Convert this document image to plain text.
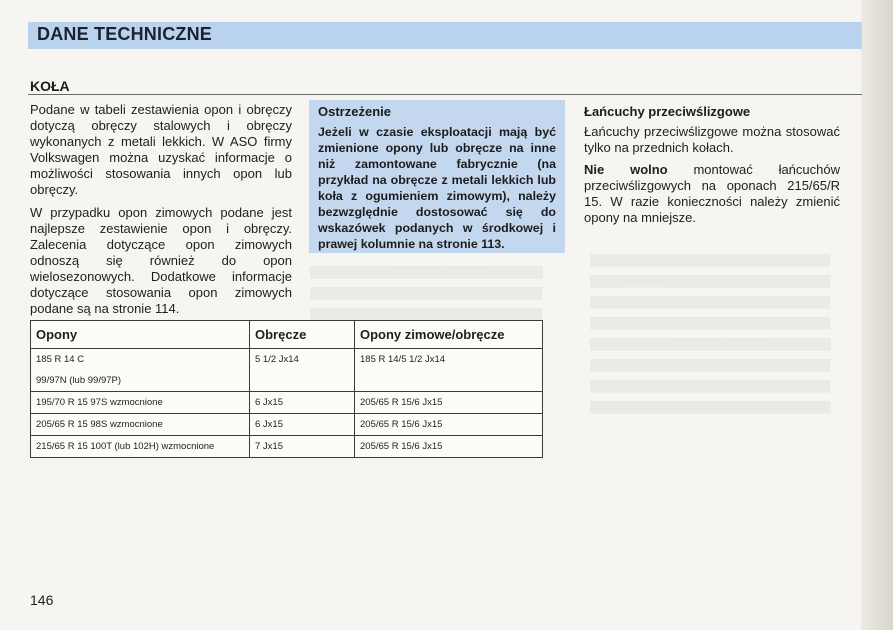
▓▓▓▓▓▓▓▓▓▓▓▓▓▓▓▓▓▓▓▓▓▓▓▓▓▓▓▓▓
▓▓▓▓▓▓▓▓▓▓▓▓▓▓▓▓▓▓▓▓▓▓▓▓▓▓▓▓▓
▓▓▓▓▓▓▓▓▓▓▓▓▓▓▓▓▓▓▓▓▓▓▓▓▓▓▓▓▓
▓▓▓▓▓▓▓▓▓▓▓▓▓▓▓▓▓▓▓▓▓▓▓▓▓▓▓▓▓▓
▓▓▓▓▓▓▓▓▓▓▓▓▓▓▓▓▓▓▓▓▓▓▓▓▓▓▓▓▓▓
▓▓▓▓▓▓▓▓▓▓▓▓▓▓▓▓▓▓▓▓▓▓▓▓▓▓▓▓▓▓
▓▓▓▓▓▓▓▓▓▓▓▓▓▓▓▓▓▓▓▓▓▓▓▓▓▓▓▓▓▓
▓▓▓▓▓▓▓▓▓▓▓▓▓▓▓▓▓▓▓▓▓▓▓▓▓▓▓▓▓▓
▓▓▓▓▓▓▓▓▓▓▓▓▓▓▓▓▓▓▓▓▓▓▓▓▓▓▓▓▓▓
▓▓▓▓▓▓▓▓▓▓▓▓▓▓▓▓▓▓▓▓▓▓▓▓▓▓▓▓▓▓
▓▓▓▓▓▓▓▓▓▓▓▓▓▓▓▓▓▓▓▓▓▓▓▓▓▓▓▓▓▓
DANE TECHNICZNE
KOŁA

Podane w tabeli zestawienia opon i obręczy dotyczą obręczy stalowych i obręczy wykonanych z metali lekkich. W ASO firmy Volkswagen można uzyskać informacje o możliwości stosowania innych opon lub obręczy.

W przypadku opon zimowych podane jest najlepsze zestawienie opon i obręczy. Zalecenia dotyczące opon zimowych odnoszą się również do opon wielosezonowych. Dodatkowe informacje dotyczące stosowania opon zimowych podane są na stronie 114.

Ostrzeżenie
Jeżeli w czasie eksploatacji mają być zmienione opony lub obręcze na inne niż zamontowane fabrycznie (na przykład na obręcze z metali lekkich lub koła z ogumieniem zimowym), należy bezwzględnie dostosować się do wskazówek podanych w środkowej i prawej kolumnie na stronie 113.
Łańcuchy przeciwślizgowe

Łańcuchy przeciwślizgowe można stosować tylko na przednich kołach.

Nie wolno montować łańcuchów przeciwślizgowych na oponach 215/65/R 15. W razie konieczności należy zmienić opony na mniejsze.

Opony	Obręcze	Opony zimowe/obręcze
185 R 14 C	5 1/2 Jx14	185 R 14/5 1/2 Jx14
99/97N (lub 99/97P)		
195/70 R 15 97S wzmocnione	6 Jx15	205/65 R 15/6 Jx15
205/65 R 15 98S wzmocnione	6 Jx15	205/65 R 15/6 Jx15
215/65 R 15 100T (lub 102H) wzmocnione	7 Jx15	205/65 R 15/6 Jx15
146
